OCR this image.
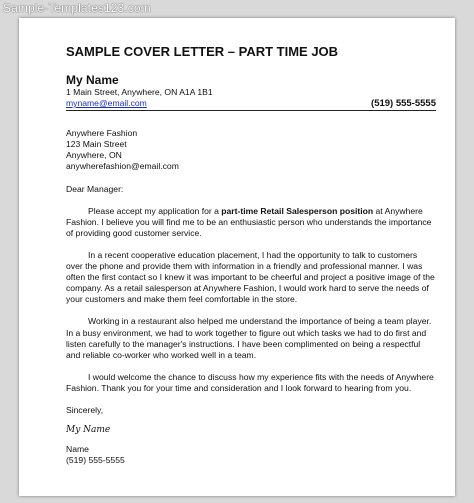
Sample-Templates123.com
SAMPLE COVER LETTER – PART TIME JOB
My Name
1 Main Street, Anywhere, ON A1A 1B1
myname@email.com	(519) 555-5555
Anywhere Fashion
123 Main Street
Anywhere, ON
anywherefashion@email.com
Dear Manager:
Please accept my application for a part-time Retail Salesperson position at Anywhere Fashion. I believe you will find me to be an enthusiastic person who understands the importance of providing good customer service.
In a recent cooperative education placement, I had the opportunity to talk to customers over the phone and provide them with information in a friendly and professional manner. I was often the first contact so I knew it was important to be cheerful and project a positive image of the company. As a retail salesperson at Anywhere Fashion, I would work hard to serve the needs of your customers and make them feel comfortable in the store.
Working in a restaurant also helped me understand the importance of being a team player. In a busy environment, we had to work together to figure out which tasks we had to do first and listen carefully to the manager's instructions. I have been complimented on being a respectful and reliable co-worker who worked well in a team.
I would welcome the chance to discuss how my experience fits with the needs of Anywhere Fashion. Thank you for your time and consideration and I look forward to hearing from you.
Sincerely,
My Name
Name
(519) 555-5555
